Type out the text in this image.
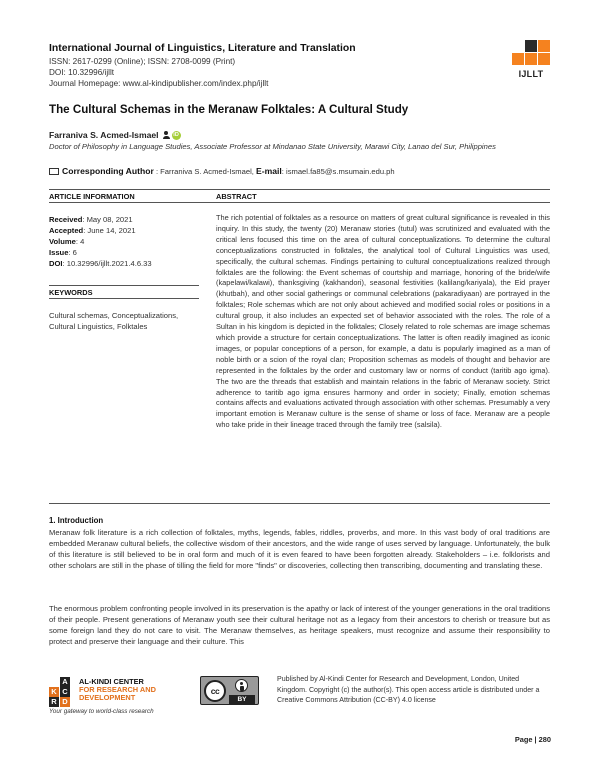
International Journal of Linguistics, Literature and Translation
ISSN: 2617-0299 (Online); ISSN: 2708-0099 (Print)
DOI: 10.32996/ijllt
Journal Homepage: www.al-kindipublisher.com/index.php/ijllt
IJLLT
The Cultural Schemas in the Meranaw Folktales: A Cultural Study
Farraniva S. Acmed-Ismael	iD
Doctor of Philosophy in Language Studies, Associate Professor at Mindanao State University, Marawi City, Lanao del Sur, Philippines
Corresponding Author : Farraniva S. Acmed-Ismael, E-mail: ismael.fa85@s.msumain.edu.ph
ARTICLE INFORMATION	ABSTRACT
Received: May 08, 2021
Accepted: June 14, 2021
Volume: 4
Issue: 6
DOI: 10.32996/ijllt.2021.4.6.33
KEYWORDS
Cultural schemas, Conceptualizations, Cultural Linguistics, Folktales
The rich potential of folktales as a resource on matters of great cultural significance is revealed in this inquiry. In this study, the twenty (20) Meranaw stories (tutul) was scrutinized and evaluated with the critical lens focused this time on the area of cultural conceptualizations. To determine the cultural conceptualizations constructed in folktales, the analytical tool of Cultural Linguistics was used, specifically, the cultural schemas. Findings pertaining to cultural conceptualizations realized through folktales are the following: the Event schemas of courtship and marriage, honoring of the bride/wife (kapelawi/kalawi), thanksgiving (kakhandori), seasonal festivities (kalilang/kariyala), the Eid prayer (khutbah), and other social gatherings or communal celebrations (pakaradiyaan) are portrayed in the folktales; Role schemas which are not only about achieved and modified social roles or positions in a cultural group, it also includes an expected set of behavior associated with the roles. The role of a Sultan in his kingdom is depicted in the folktales; Closely related to role schemas are image schemas which provide a structure for certain conceptualizations. The latter is often readily imagined as iconic images, or popular conceptions of a person, for example, a datu is popularly imagined as a man of noble birth or a scion of the royal clan; Proposition schemas as models of thought and behavior are represented in the folktales by the order and customary law or norms of conduct (taritib ago igma). The two are the threads that establish and maintain relations in the fabric of Meranaw society. Strict adherence to taritib ago igma ensures harmony and order in society; Finally, emotion schemas contains affects and evaluations activated through association with other schemas. Presumably a very important emotion is Meranaw culture is the sense of shame or loss of face. Meranaw are a people who take pride in their lineage traced through the family tree (salsila).
1. Introduction
Meranaw folk literature is a rich collection of folktales, myths, legends, fables, riddles, proverbs, and more. In this vast body of oral traditions are embedded Meranaw cultural beliefs, the collective wisdom of their ancestors, and the wide range of uses served by language. Unfortunately, the bulk of this literature is still believed to be in oral form and much of it is even feared to have been forgotten already. Stakeholders – i.e. folklorists and other scholars are still in the phase of tilling the field for more "finds" or discoveries, collecting then transcribing, documenting and translating these.
The enormous problem confronting people involved in its preservation is the apathy or lack of interest of the younger generations in the oral traditions of their people. Present generations of Meranaw youth see their cultural heritage not as a legacy from their ancestors to cherish or treasure but as some foreign land they do not care to visit. The Meranaw themselves, as heritage speakers, must recognize and assume their responsibility to protect and preserve their language and their culture. This
A
K C
R D
AL-KINDI CENTER
FOR RESEARCH AND
DEVELOPMENT
Your gateway to world-class research
cc
BY
Published by Al-Kindi Center for Research and Development, London, United Kingdom. Copyright (c) the author(s). This open access article is distributed under a Creative Commons Attribution (CC-BY) 4.0 license
Page | 280
